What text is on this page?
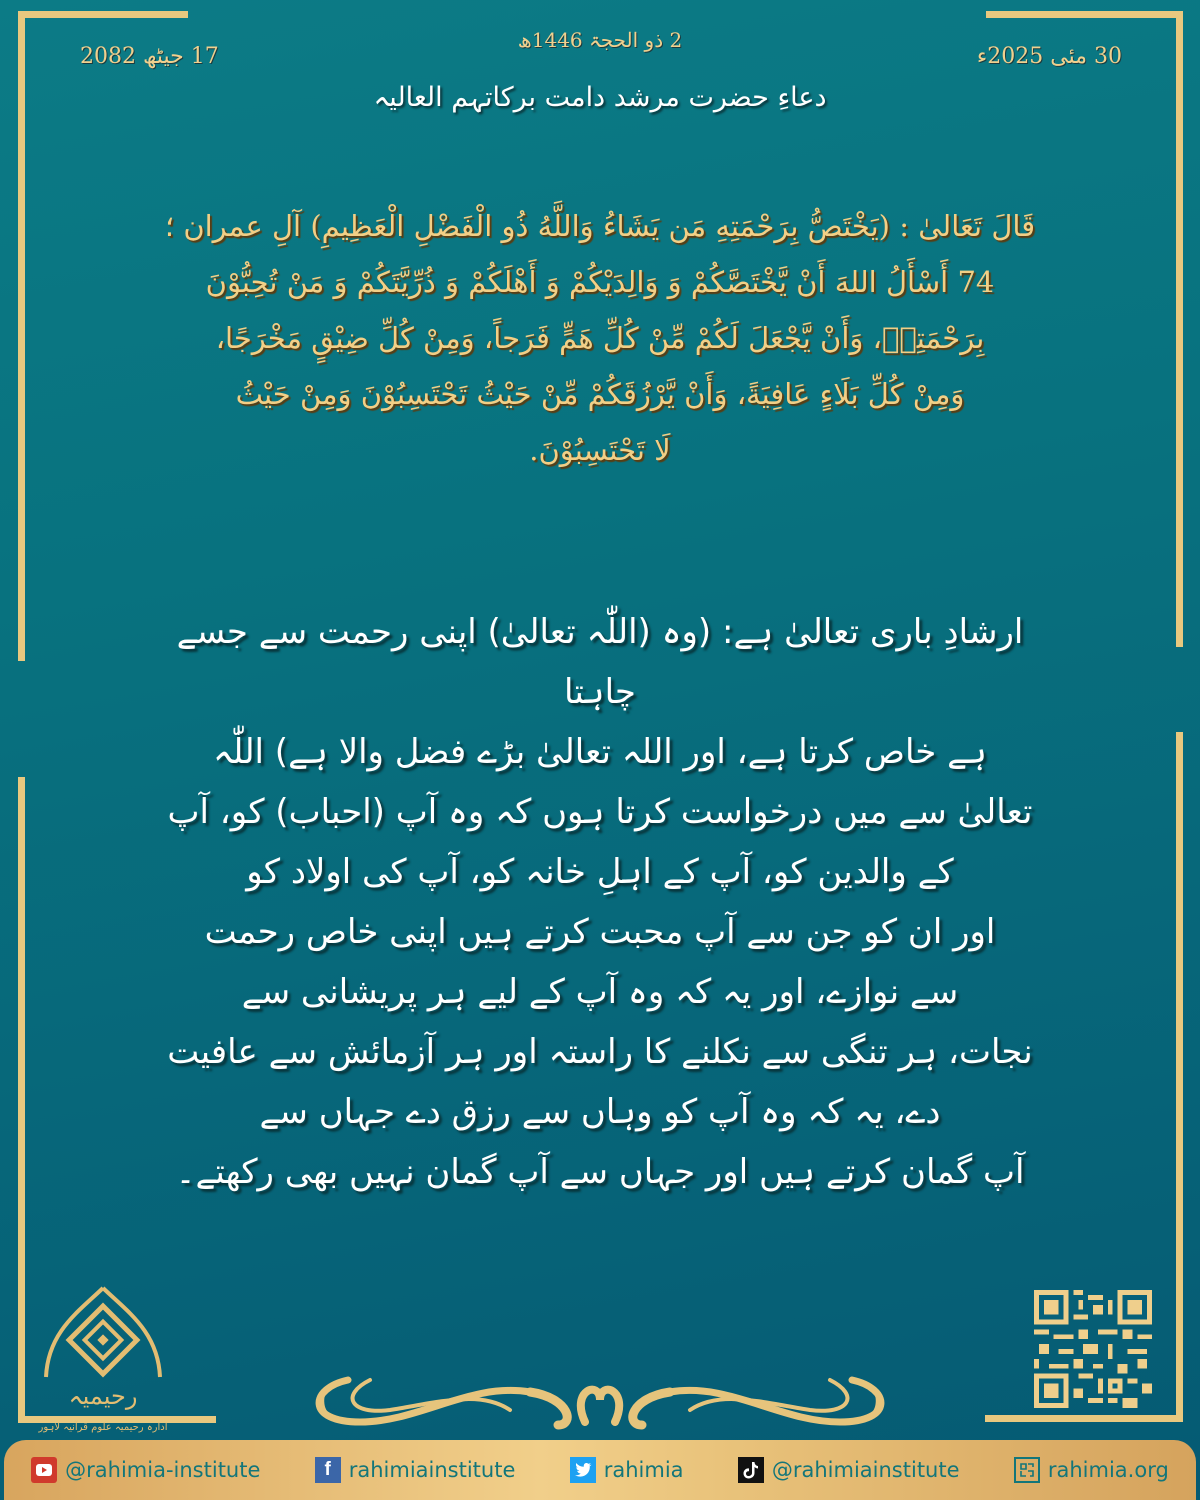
30 مئی 2025ء
17 جیٹھ 2082
2 ذو الحجۃ 1446ھ
دعاءِ حضرت مرشد دامت برکاتہم العالیہ
قَالَ تَعَالیٰ : (يَخْتَصُّ بِرَحْمَتِهِ مَن يَشَاءُ وَاللَّهُ ذُو الْفَضْلِ الْعَظِيمِ) آلِ عمران ؛
74 أَسْأَلُ اللهَ أَنْ يَّخْتَصَّكُمْ وَ وَالِدَيْكُمْ وَ أَهْلَكُمْ وَ ذُرِّيَّتَكُمْ وَ مَنْ تُحِبُّوْنَ
بِرَحْمَتِهٖ، وَأَنْ يَّجْعَلَ لَكُمْ مِّنْ كُلِّ هَمٍّ فَرَجاً، وَمِنْ كُلِّ ضِيْقٍ مَخْرَجًا،
وَمِنْ كُلِّ بَلَاءٍ عَافِيَةً، وَأَنْ يَّرْزُقَكُمْ مِّنْ حَيْثُ تَحْتَسِبُوْنَ وَمِنْ حَيْثُ
لَا تَحْتَسِبُوْنَ.
ارشادِ باری تعالیٰ ہے: (وہ (اللّٰہ تعالیٰ) اپنی رحمت سے جسے چاہتا
ہے خاص کرتا ہے، اور اللہ تعالیٰ بڑے فضل والا ہے) اللّٰہ
تعالیٰ سے میں درخواست کرتا ہوں کہ وہ آپ (احباب) کو، آپ
کے والدین کو، آپ کے اہلِ خانہ کو، آپ کی اولاد کو
اور ان کو جن سے آپ محبت کرتے ہیں اپنی خاص رحمت
سے نوازے، اور یہ کہ وہ آپ کے لیے ہر پریشانی سے
نجات، ہر تنگی سے نکلنے کا راستہ اور ہر آزمائش سے عافیت
دے، یہ کہ وہ آپ کو وہاں سے رزق دے جہاں سے
آپ گمان کرتے ہیں اور جہاں سے آپ گمان نہیں بھی رکھتے۔
رحیمیہ
ادارہ رحیمیہ علوم قرآنیہ لاہور
@rahimia-institute	f rahimiainstitute	rahimia	@rahimiainstitute	rahimia.org
